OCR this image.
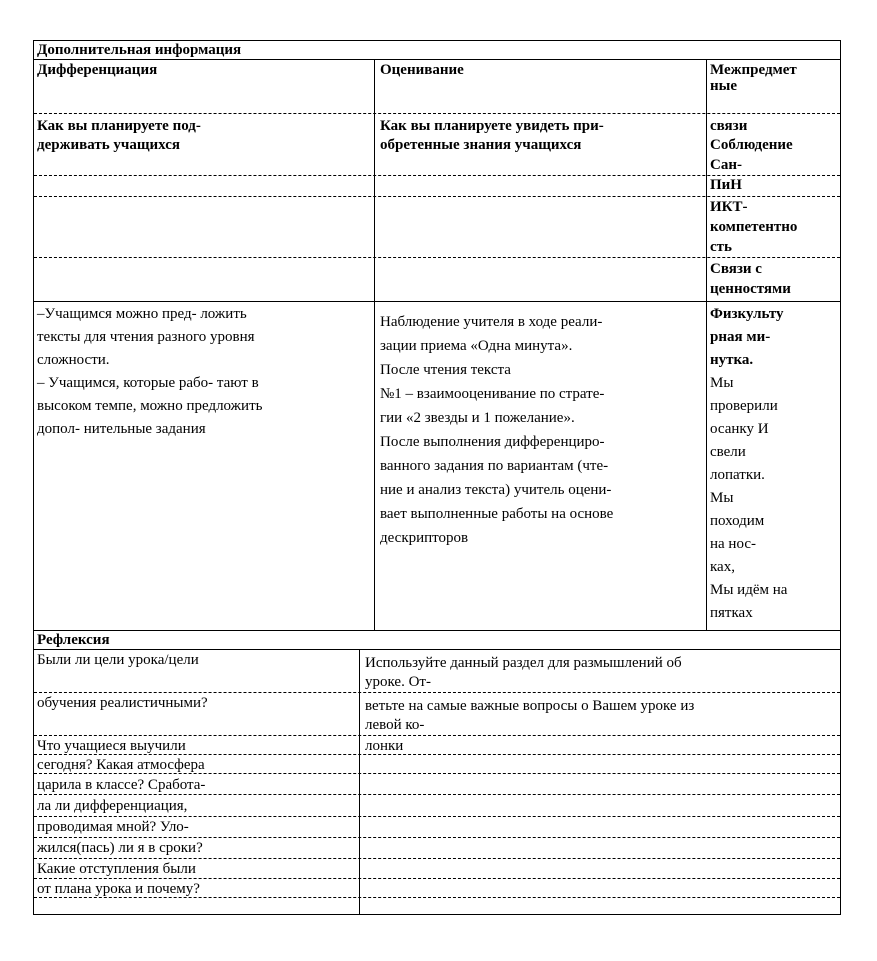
Дополнительная информация
Дифференциация	Оценивание	Межпредмет
ные
Как вы планируете под-
держивать учащихся
Как вы планируете увидеть при-
обретенные знания учащихся
связи
Соблюдение
Сан-
ПиН
ИКТ-
компетентно
сть
Связи с
ценностями
–Учащимся можно пред- ложить
тексты для чтения разного уровня
сложности.
– Учащимся, которые рабо- тают в
высоком темпе, можно предложить
допол- нительные задания
Наблюдение учителя в ходе реали-
зации приема «Одна минута».
После чтения текста
№1 – взаимооценивание по страте-
гии «2 звезды и 1 пожелание».
После выполнения дифференциро-
ванного задания по вариантам (чте-
ние и анализ текста) учитель оцени-
вает выполненные работы на основе
дескрипторов
Физкульту
рная ми-
нутка.
Мы
проверили
осанку И
свели
лопатки.
Мы
походим
на нос-
ках,
Мы идём на
пятках
Рефлексия
Были ли цели урока/цели
обучения реалистичными?
Что учащиеся выучили
сегодня? Какая атмосфера
царила в классе? Сработа-
ла ли дифференциация,
проводимая мной? Уло-
жился(пась) ли я в сроки?
Какие отступления были
от плана урока и почему?
Используйте данный раздел для размышлений об
уроке. От-
ветьте на самые важные вопросы о Вашем уроке из
левой ко-
лонки
